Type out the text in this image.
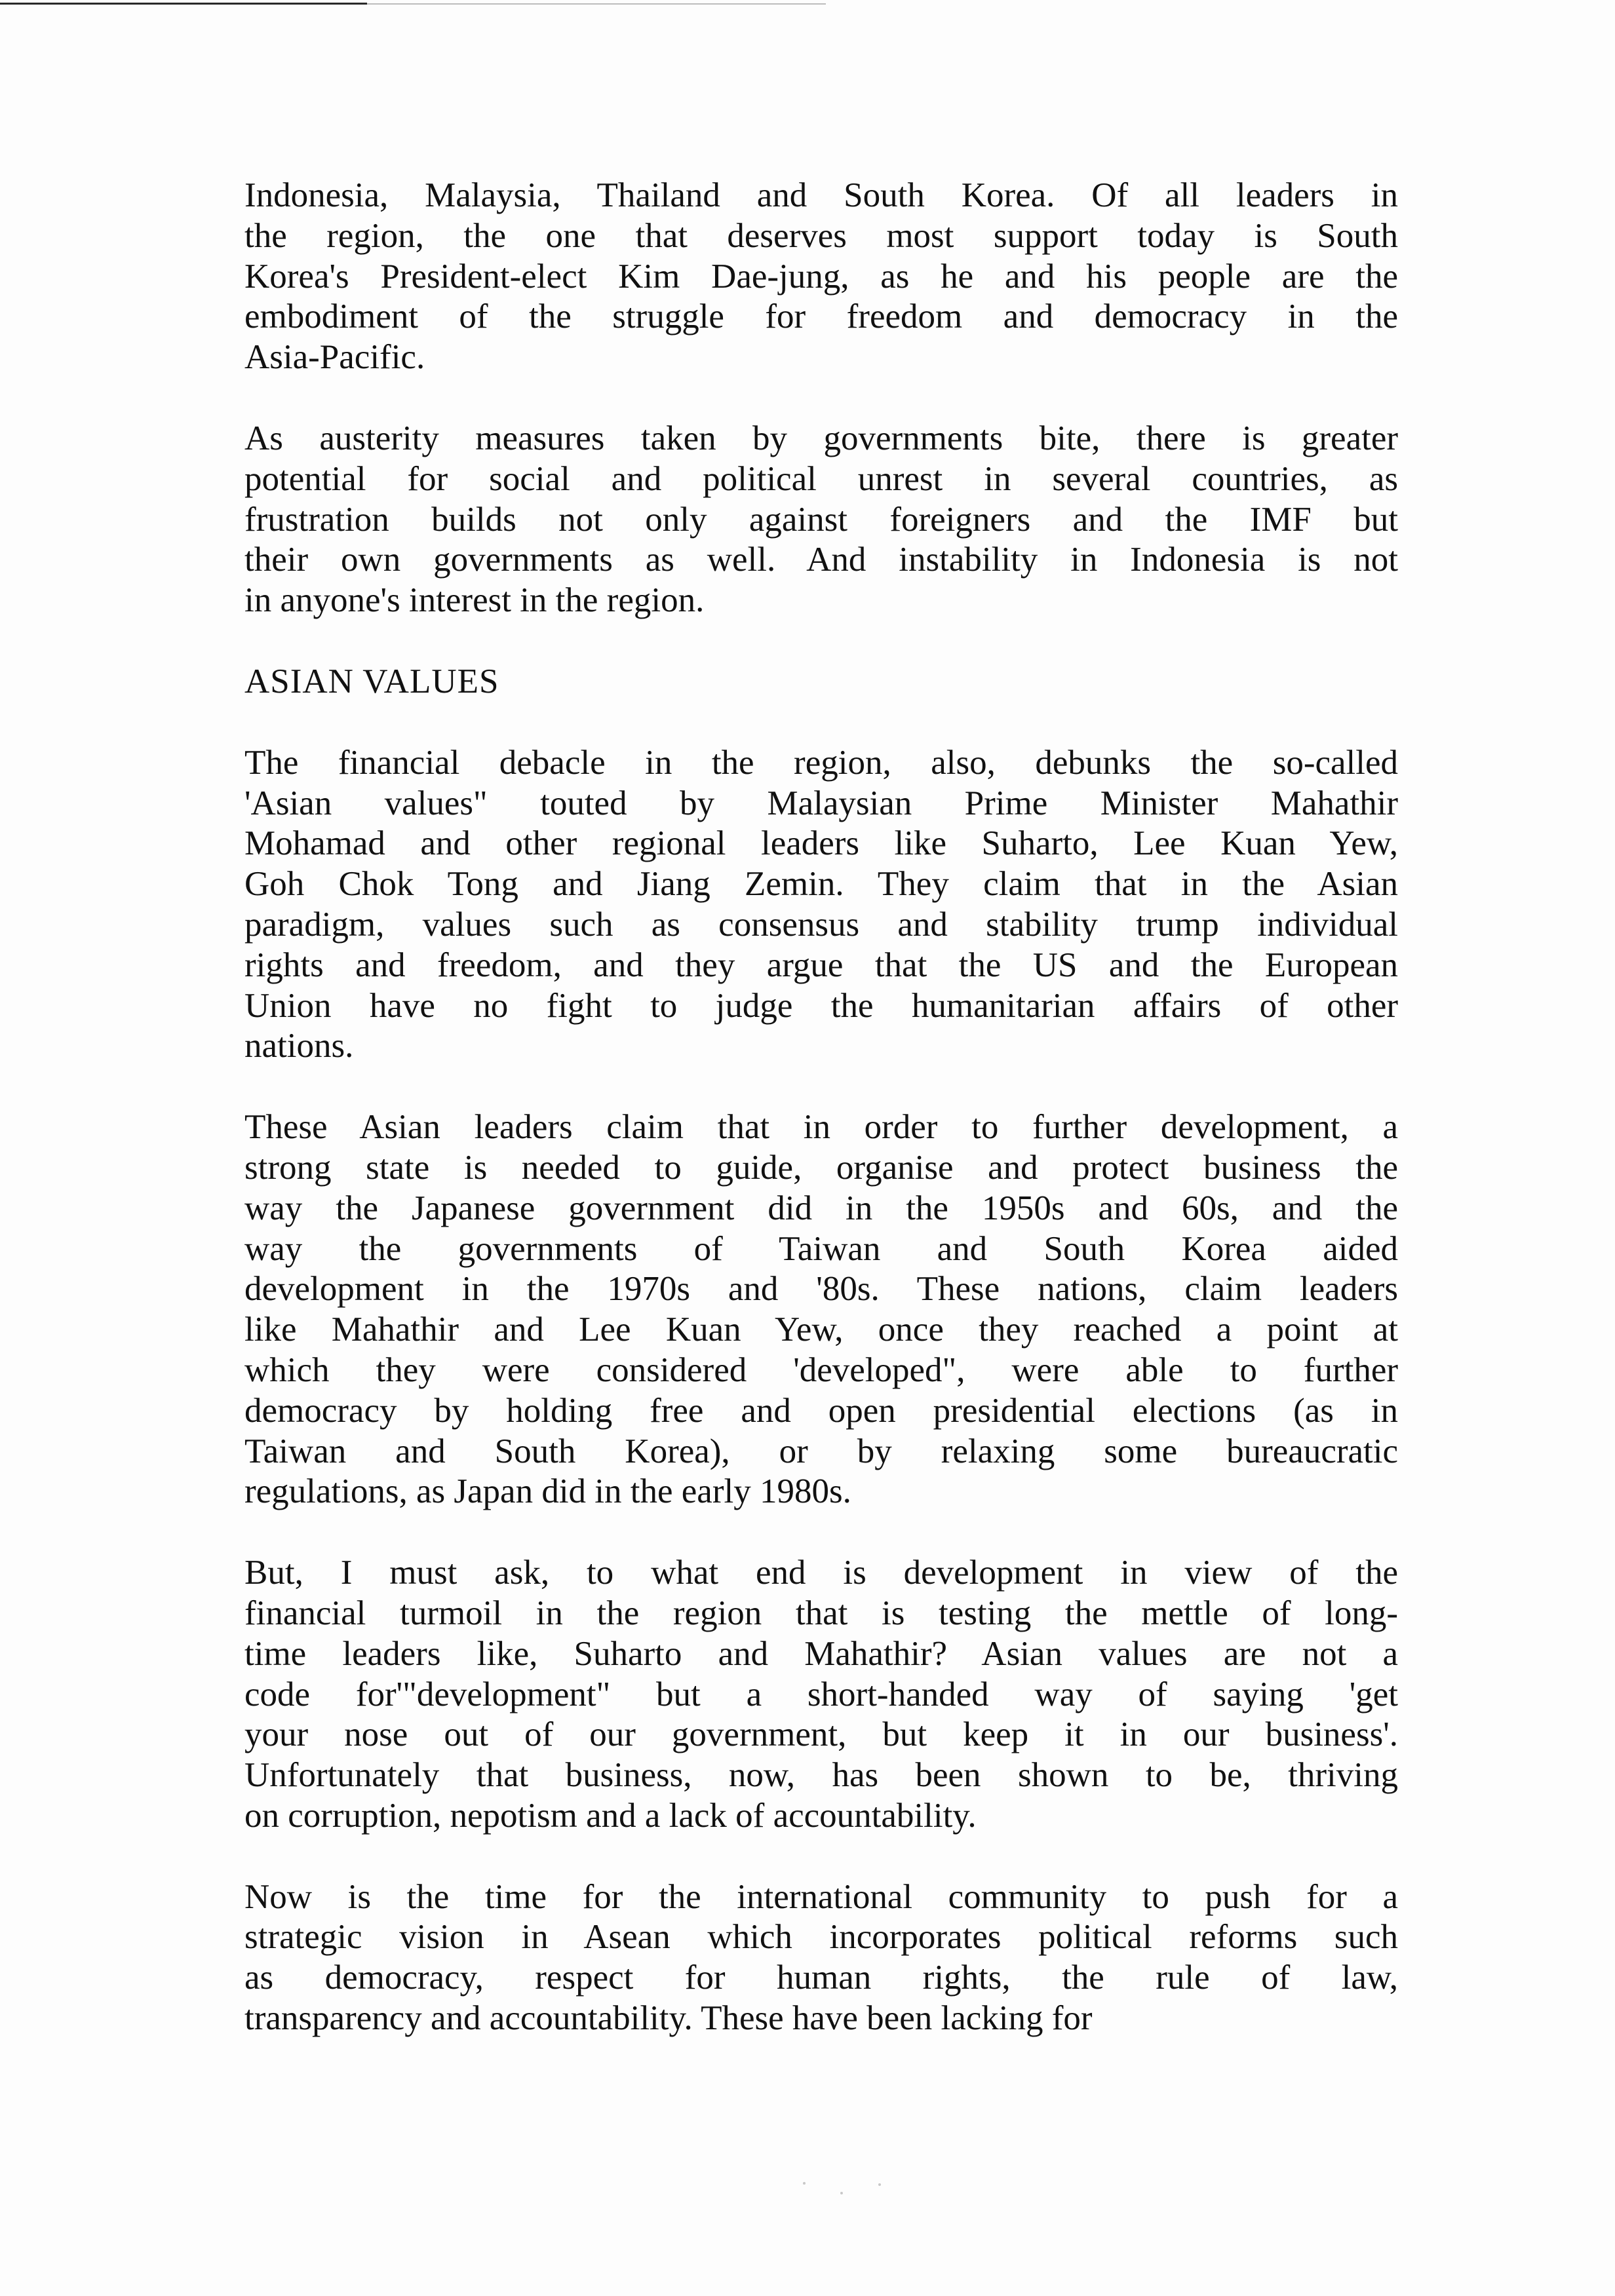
Indonesia, Malaysia, Thailand and South Korea. Of all leaders in
the region, the one that deserves most support today is South
Korea's President-elect Kim Dae-jung, as he and his people are the
embodiment of the struggle for freedom and democracy in the
Asia-Pacific.
As austerity measures taken by governments bite, there is greater
potential for social and political unrest in several countries, as
frustration builds not only against foreigners and the IMF but
their own governments as well. And instability in Indonesia is not
in anyone's interest in the region.
ASIAN VALUES
The financial debacle in the region, also, debunks the so-called
'Asian values" touted by Malaysian Prime Minister Mahathir
Mohamad and other regional leaders like Suharto, Lee Kuan Yew,
Goh Chok Tong and Jiang Zemin. They claim that in the Asian
paradigm, values such as consensus and stability trump individual
rights and freedom, and they argue that the US and the European
Union have no fight to judge the humanitarian affairs of other
nations.
These Asian leaders claim that in order to further development, a
strong state is needed to guide, organise and protect business the
way the Japanese government did in the 1950s and 60s, and the
way the governments of Taiwan and South Korea aided
development in the 1970s and '80s. These nations, claim leaders
like Mahathir and Lee Kuan Yew, once they reached a point at
which they were considered 'developed", were able to further
democracy by holding free and open presidential elections (as in
Taiwan and South Korea), or by relaxing some bureaucratic
regulations, as Japan did in the early 1980s.
But, I must ask, to what end is development in view of the
financial turmoil in the region that is testing the mettle of long-
time leaders like, Suharto and Mahathir? Asian values are not a
code for'"development" but a short-handed way of saying 'get
your nose out of our government, but keep it in our business'.
Unfortunately that business, now, has been shown to be, thriving
on corruption, nepotism and a lack of accountability.
Now is the time for the international community to push for a
strategic vision in Asean which incorporates political reforms such
as democracy, respect for human rights, the rule of law,
transparency and accountability. These have been lacking for
